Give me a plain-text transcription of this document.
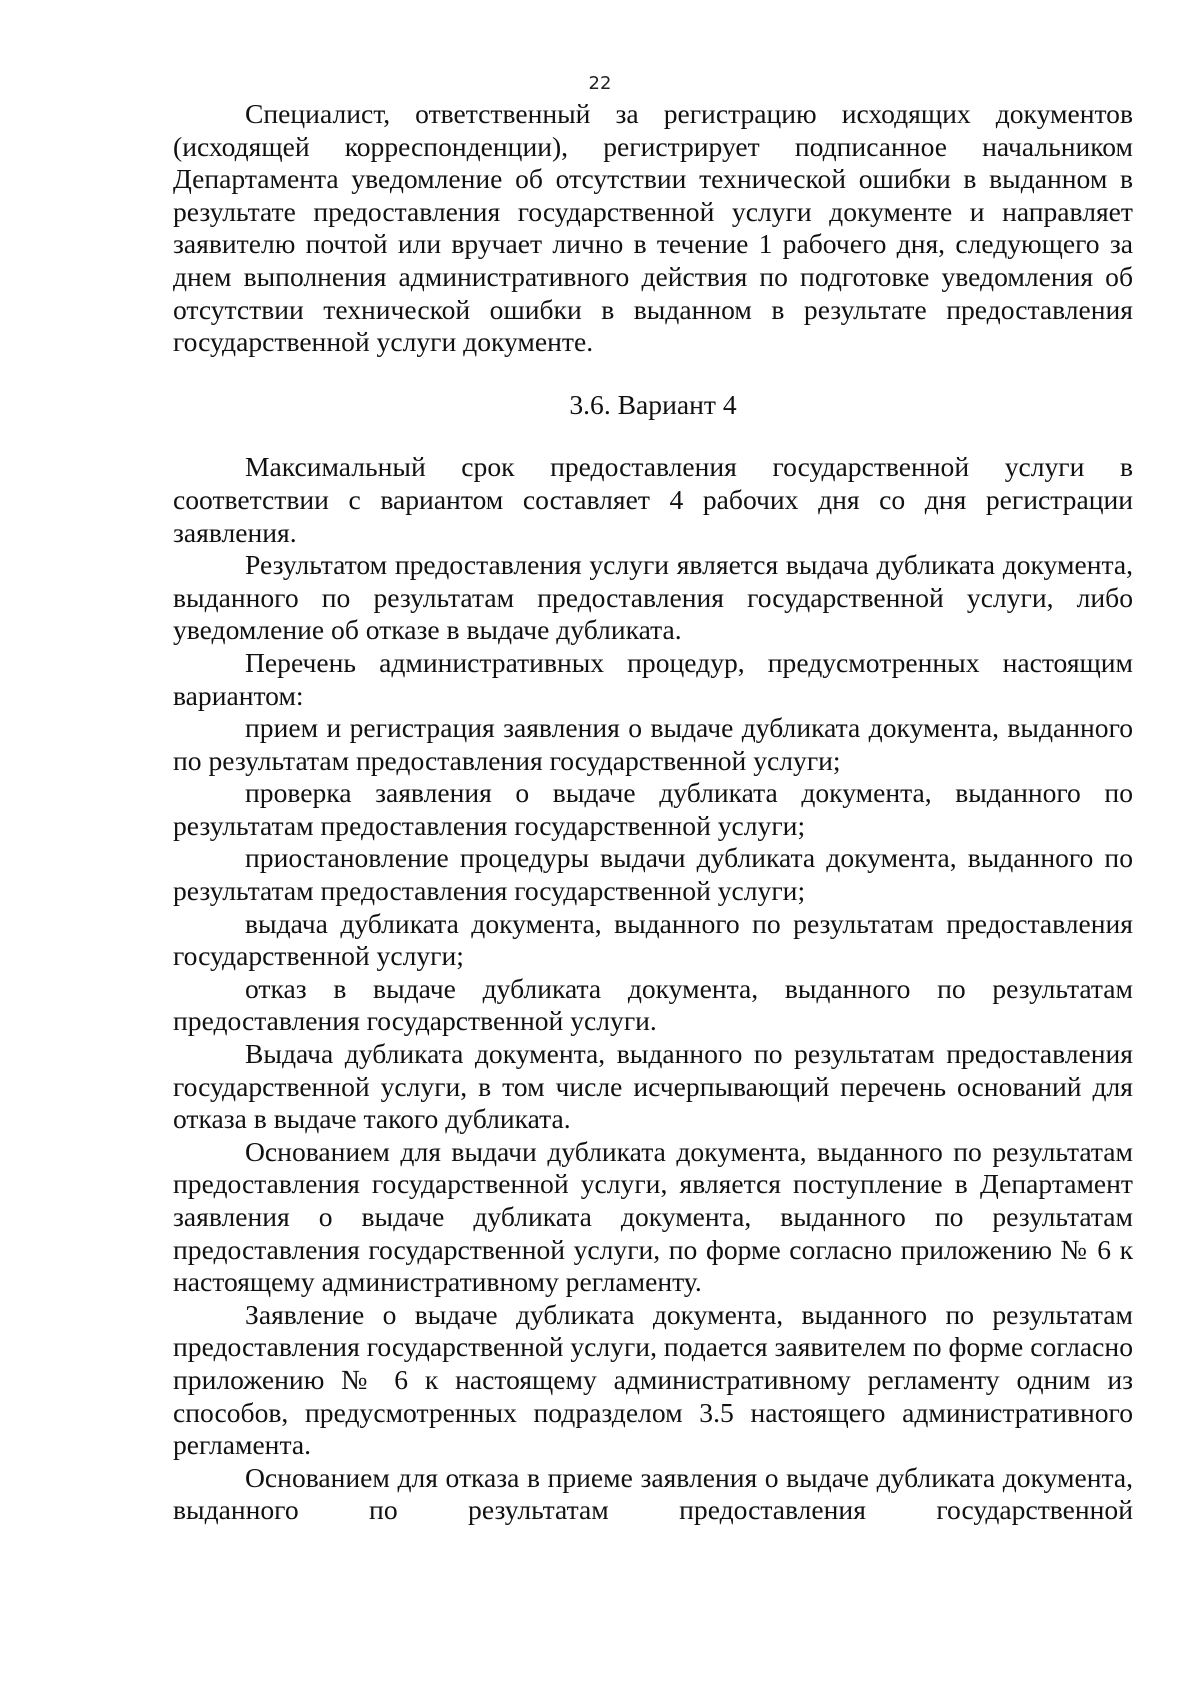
22

Специалист, ответственный за регистрацию исходящих документов (исходящей корреспонденции), регистрирует подписанное начальником Департамента уведомление об отсутствии технической ошибки в выданном в результате предоставления государственной услуги документе и направляет заявителю почтой или вручает лично в течение 1 рабочего дня, следующего за днем выполнения административного действия по подготовке уведомления об отсутствии технической ошибки в выданном в результате предоставления государственной услуги документе.

3.6. Вариант 4

Максимальный срок предоставления государственной услуги в соответствии с вариантом составляет 4 рабочих дня со дня регистрации заявления.

Результатом предоставления услуги является выдача дубликата документа, выданного по результатам предоставления государственной услуги, либо уведомление об отказе в выдаче дубликата.

Перечень административных процедур, предусмотренных настоящим вариантом:

прием и регистрация заявления о выдаче дубликата документа, выданного по результатам предоставления государственной услуги;

проверка заявления о выдаче дубликата документа, выданного по результатам предоставления государственной услуги;

приостановление процедуры выдачи дубликата документа, выданного по результатам предоставления государственной услуги;

выдача дубликата документа, выданного по результатам предоставления государственной услуги;

отказ в выдаче дубликата документа, выданного по результатам предоставления государственной услуги.

Выдача дубликата документа, выданного по результатам предоставления государственной услуги, в том числе исчерпывающий перечень оснований для отказа в выдаче такого дубликата.

Основанием для выдачи дубликата документа, выданного по результатам предоставления государственной услуги, является поступление в Департамент заявления о выдаче дубликата документа, выданного по результатам предоставления государственной услуги, по форме согласно приложению № 6 к настоящему административному регламенту.

Заявление о выдаче дубликата документа, выданного по результатам предоставления государственной услуги, подается заявителем по форме согласно приложению № 6 к настоящему административному регламенту одним из способов, предусмотренных подразделом 3.5 настоящего административного регламента.

Основанием для отказа в приеме заявления о выдаче дубликата документа, выданного по результатам предоставления государственной
